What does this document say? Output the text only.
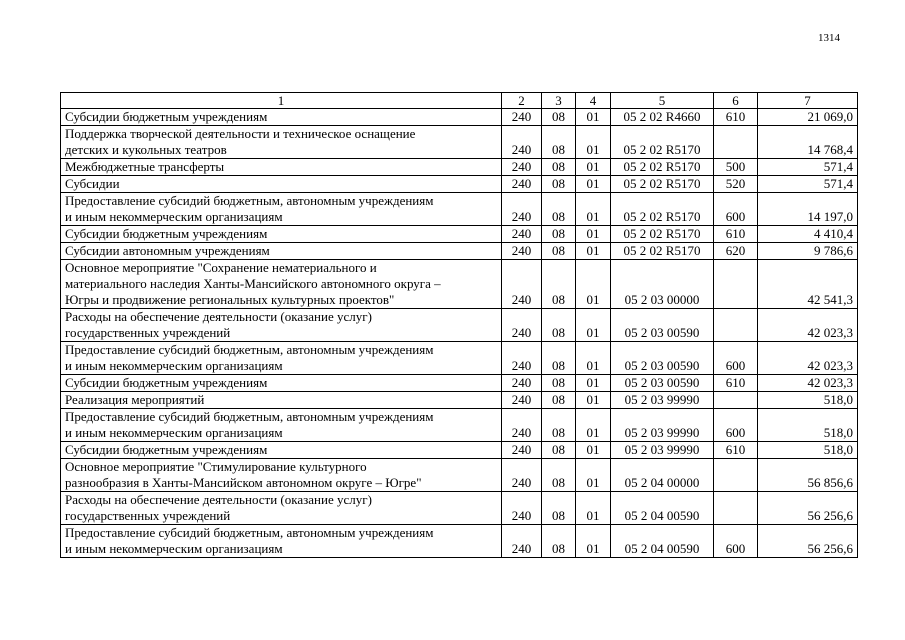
1314
1	2	3	4	5	6	7

Субсидии бюджетным учреждениям	240	08	01	05 2 02 R4660	610	21 069,0

Поддержка творческой деятельности и техническое оснащение
детских и кукольных театров	240	08	01	05 2 02 R5170		14 768,4

Межбюджетные трансферты	240	08	01	05 2 02 R5170	500	571,4

Субсидии	240	08	01	05 2 02 R5170	520	571,4

Предоставление субсидий бюджетным, автономным учреждениям
и иным некоммерческим организациям	240	08	01	05 2 02 R5170	600	14 197,0

Субсидии бюджетным учреждениям	240	08	01	05 2 02 R5170	610	4 410,4

Субсидии автономным учреждениям	240	08	01	05 2 02 R5170	620	9 786,6

Основное мероприятие "Сохранение нематериального и
материального наследия Ханты-Мансийского автономного округа –
Югры и продвижение региональных культурных проектов"	240	08	01	05 2 03 00000		42 541,3

Расходы на обеспечение деятельности (оказание услуг)
государственных учреждений	240	08	01	05 2 03 00590		42 023,3

Предоставление субсидий бюджетным, автономным учреждениям
и иным некоммерческим организациям	240	08	01	05 2 03 00590	600	42 023,3

Субсидии бюджетным учреждениям	240	08	01	05 2 03 00590	610	42 023,3

Реализация мероприятий	240	08	01	05 2 03 99990		518,0

Предоставление субсидий бюджетным, автономным учреждениям
и иным некоммерческим организациям	240	08	01	05 2 03 99990	600	518,0

Субсидии бюджетным учреждениям	240	08	01	05 2 03 99990	610	518,0

Основное мероприятие "Стимулирование культурного
разнообразия в Ханты-Мансийском автономном округе – Югре"	240	08	01	05 2 04 00000		56 856,6

Расходы на обеспечение деятельности (оказание услуг)
государственных учреждений	240	08	01	05 2 04 00590		56 256,6

Предоставление субсидий бюджетным, автономным учреждениям
и иным некоммерческим организациям	240	08	01	05 2 04 00590	600	56 256,6
